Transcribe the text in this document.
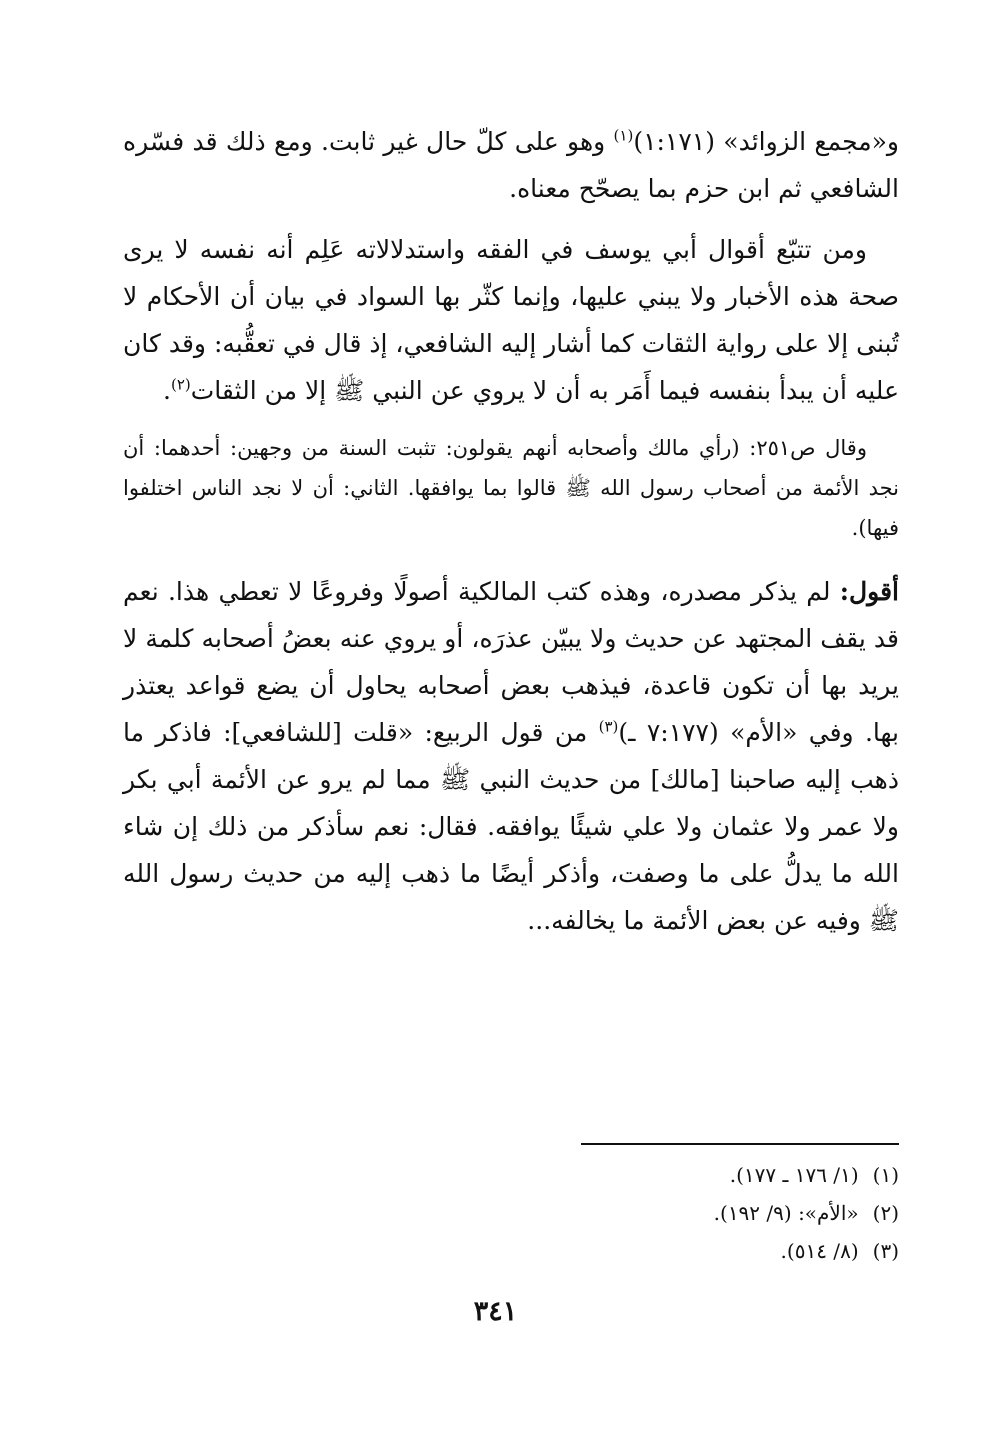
و«مجمع الزوائد» (١:١٧١)$^{(١)}$ وهو على كلّ حال غير ثابت. ومع ذلك قد فسّره الشافعي ثم ابن حزم بما يصحّح معناه.

ومن تتبّع أقوال أبي يوسف في الفقه واستدلالاته عَلِم أنه نفسه لا يرى صحة هذه الأخبار ولا يبني عليها، وإنما كثّر بها السواد في بيان أن الأحكام لا تُبنى إلا على رواية الثقات كما أشار إليه الشافعي، إذ قال في تعقُّبه: وقد كان عليه أن يبدأ بنفسه فيما أَمَر به أن لا يروي عن النبي ﷺ إلا من الثقات$^{(٢)}$.

وقال ص٢٥١: (رأي مالك وأصحابه أنهم يقولون: تثبت السنة من وجهين: أحدهما: أن نجد الأئمة من أصحاب رسول الله ﷺ قالوا بما يوافقها. الثاني: أن لا نجد الناس اختلفوا فيها).

أقول: لم يذكر مصدره، وهذه كتب المالكية أصولًا وفروعًا لا تعطي هذا. نعم قد يقف المجتهد عن حديث ولا يبيّن عذرَه، أو يروي عنه بعضُ أصحابه كلمة لا يريد بها أن تكون قاعدة، فيذهب بعض أصحابه يحاول أن يضع قواعد يعتذر بها. وفي «الأم» (٧:١٧٧ ـ)$^{(٣)}$ من قول الربيع: «قلت [للشافعي]: فاذكر ما ذهب إليه صاحبنا [مالك] من حديث النبي ﷺ مما لم يرو عن الأئمة أبي بكر ولا عمر ولا عثمان ولا علي شيئًا يوافقه. فقال: نعم سأذكر من ذلك إن شاء الله ما يدلُّ على ما وصفت، وأذكر أيضًا ما ذهب إليه من حديث رسول الله ﷺ وفيه عن بعض الأئمة ما يخالفه...

(١)
(١/ ١٧٦ ـ ١٧٧).
(٢)
«الأم»: (٩/ ١٩٢).
(٣)
(٨/ ٥١٤).
٣٤١
